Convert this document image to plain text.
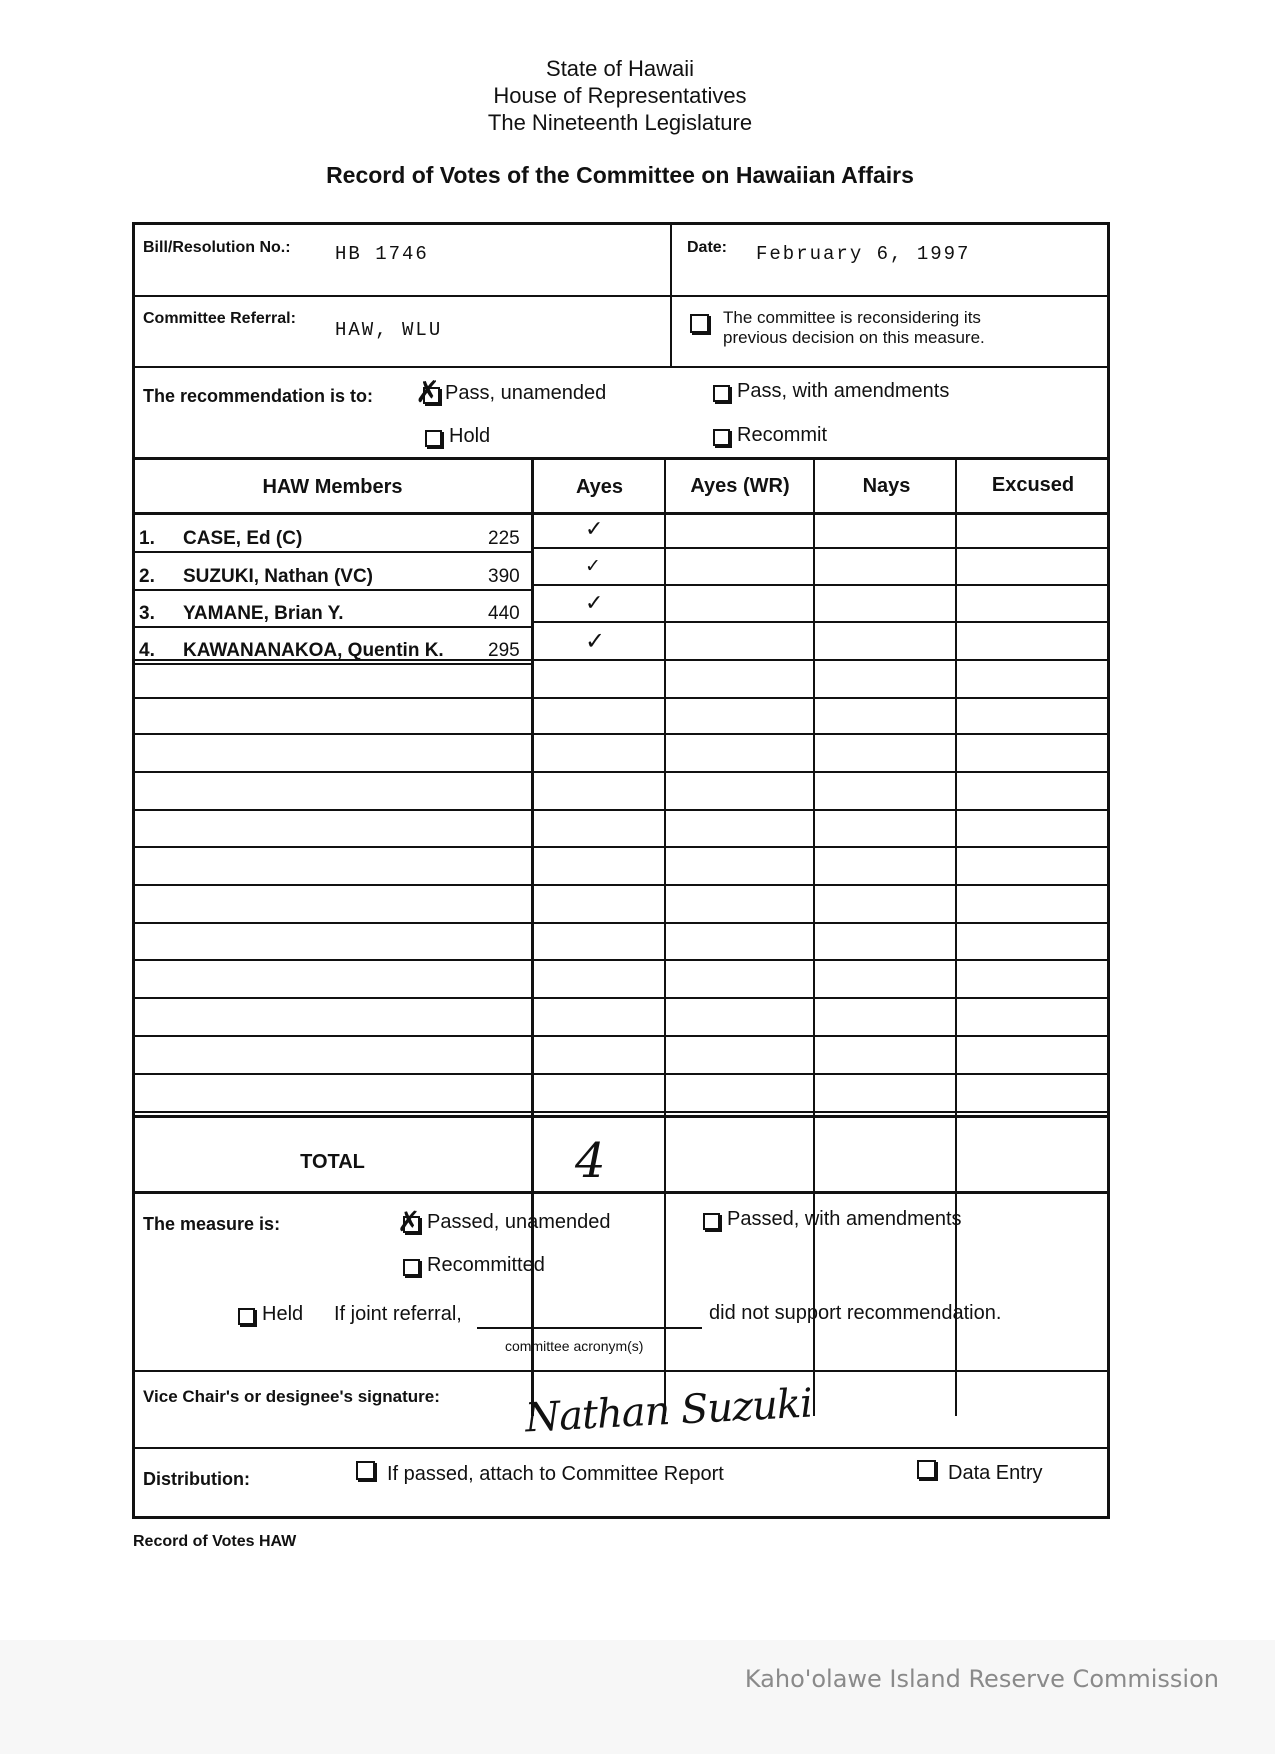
State of Hawaii
House of Representatives
The Nineteenth Legislature
Record of Votes of the Committee on Hawaiian Affairs
Bill/Resolution No.: HB 1746	Date: February 6, 1997
Committee Referral:
HAW, WLU
The committee is reconsidering its
previous decision on this measure.
The recommendation is to: ✗ Pass, unamended	Pass, with amendments
Hold	Recommit
HAW Members	Ayes	Ayes (WR)	Nays	Excused
1. CASE, Ed (C)	225	✓
2. SUZUKI, Nathan (VC)	390	✓
3. YAMANE, Brian Y.	440	✓
4. KAWANANAKOA, Quentin K. 295	✓
TOTAL	4
The measure is:	✗ Passed, unamended	Passed, with amendments
Recommitted
Held If joint referral,	did not support recommendation.
committee acronym(s)
Vice Chair's or designee's signature: Nathan Suzuki
Distribution:	If passed, attach to Committee Report	Data Entry
Record of Votes HAW
Kaho'olawe Island Reserve Commission
